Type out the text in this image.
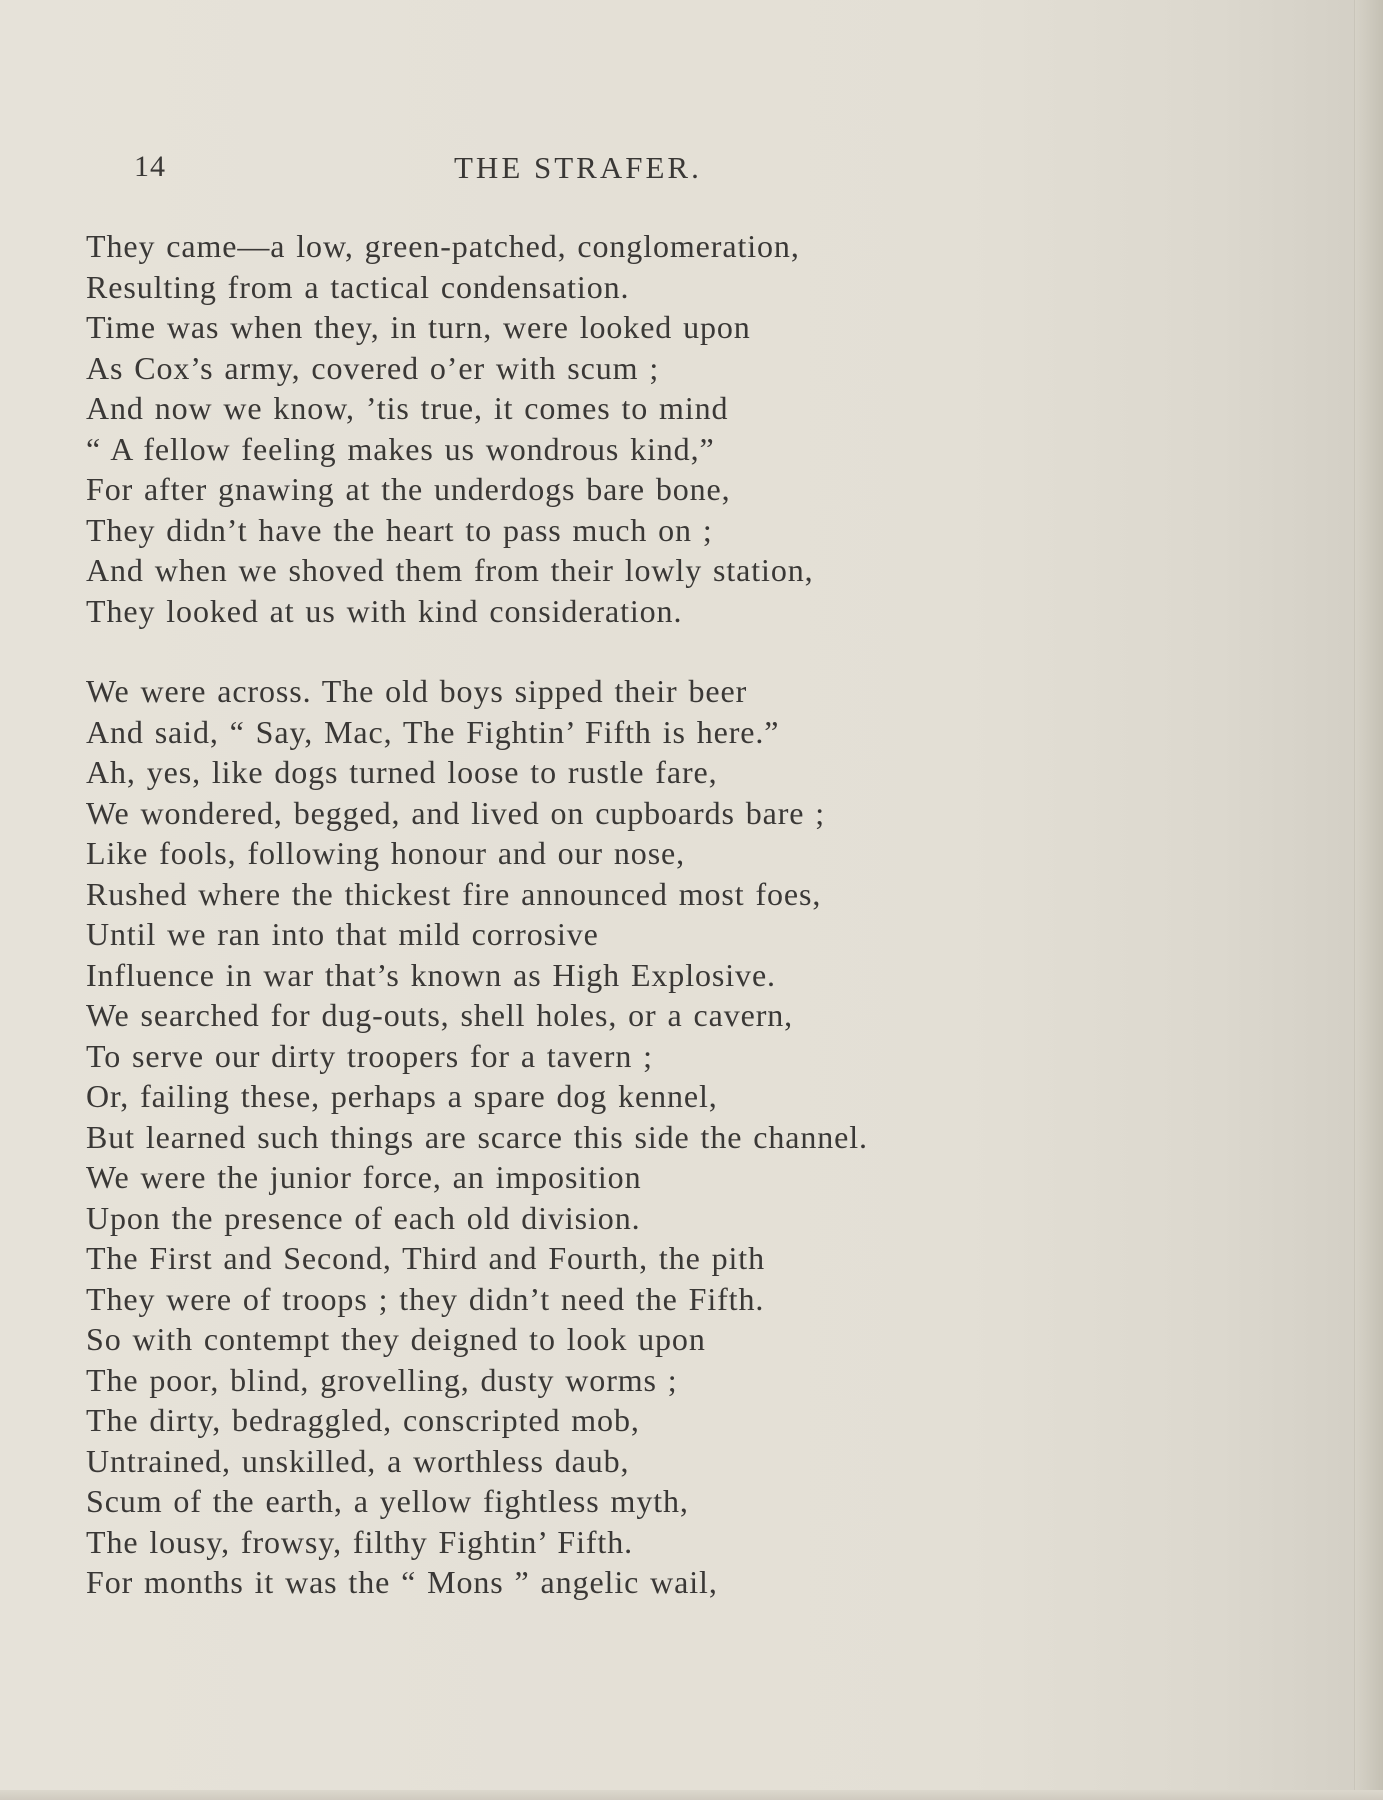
14	THE STRAFER.
They came—a low, green-patched, conglomeration,
Resulting from a tactical condensation.
Time was when they, in turn, were looked upon
As Cox’s army, covered o’er with scum ;
And now we know, ’tis true, it comes to mind
“ A fellow feeling makes us wondrous kind,”
For after gnawing at the underdogs bare bone,
They didn’t have the heart to pass much on ;
And when we shoved them from their lowly station,
They looked at us with kind consideration.
We were across. The old boys sipped their beer
And said, “ Say, Mac, The Fightin’ Fifth is here.”
Ah, yes, like dogs turned loose to rustle fare,
We wondered, begged, and lived on cupboards bare ;
Like fools, following honour and our nose,
Rushed where the thickest fire announced most foes,
Until we ran into that mild corrosive
Influence in war that’s known as High Explosive.
We searched for dug-outs, shell holes, or a cavern,
To serve our dirty troopers for a tavern ;
Or, failing these, perhaps a spare dog kennel,
But learned such things are scarce this side the channel.
We were the junior force, an imposition
Upon the presence of each old division.
The First and Second, Third and Fourth, the pith
They were of troops ; they didn’t need the Fifth.
So with contempt they deigned to look upon
The poor, blind, grovelling, dusty worms ;
The dirty, bedraggled, conscripted mob,
Untrained, unskilled, a worthless daub,
Scum of the earth, a yellow fightless myth,
The lousy, frowsy, filthy Fightin’ Fifth.
For months it was the “ Mons ” angelic wail,
